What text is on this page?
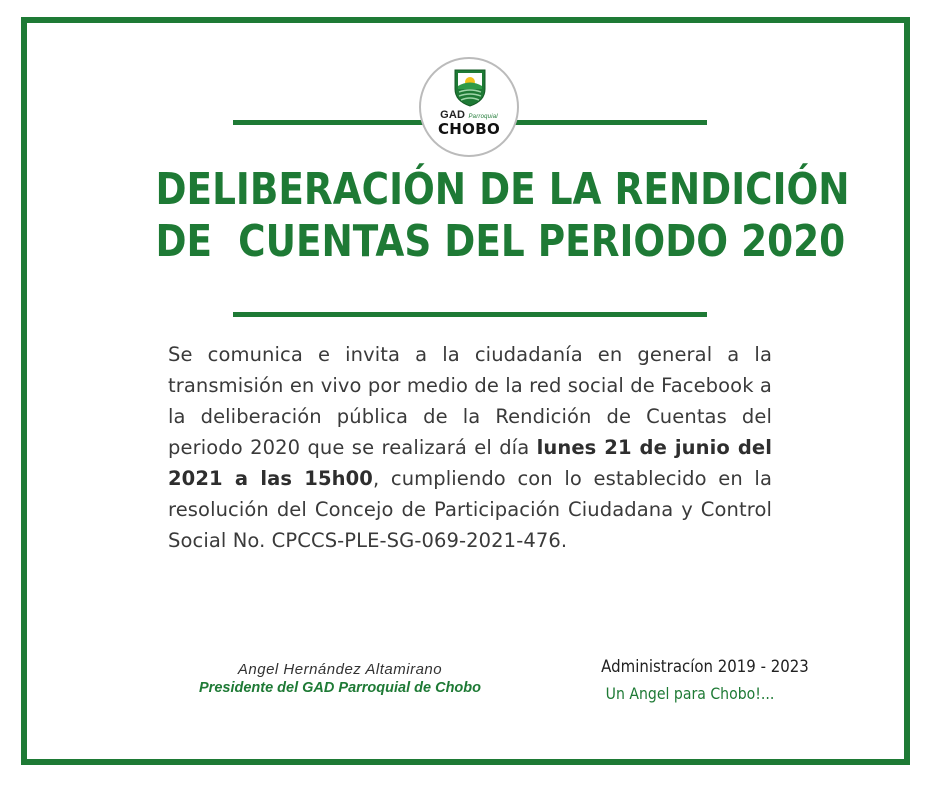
GAD Parroquial
CHOBO
DELIBERACIÓN DE LA RENDICIÓN
DE  CUENTAS DEL PERIODO 2020
Se comunica e invita a la ciudadanía en general a la transmisión en vivo por medio de la red social de Facebook a la deliberación pública de la Rendición de Cuentas del periodo 2020 que se realizará el día lunes 21 de junio del 2021 a las 15h00, cumpliendo con lo establecido en la resolución del Concejo de Participación Ciudadana y Control Social No. CPCCS-PLE-SG-069-2021-476.
Angel Hernández Altamirano
Presidente del GAD Parroquial de Chobo
Administracíon 2019 - 2023
Un Angel para Chobo!...
